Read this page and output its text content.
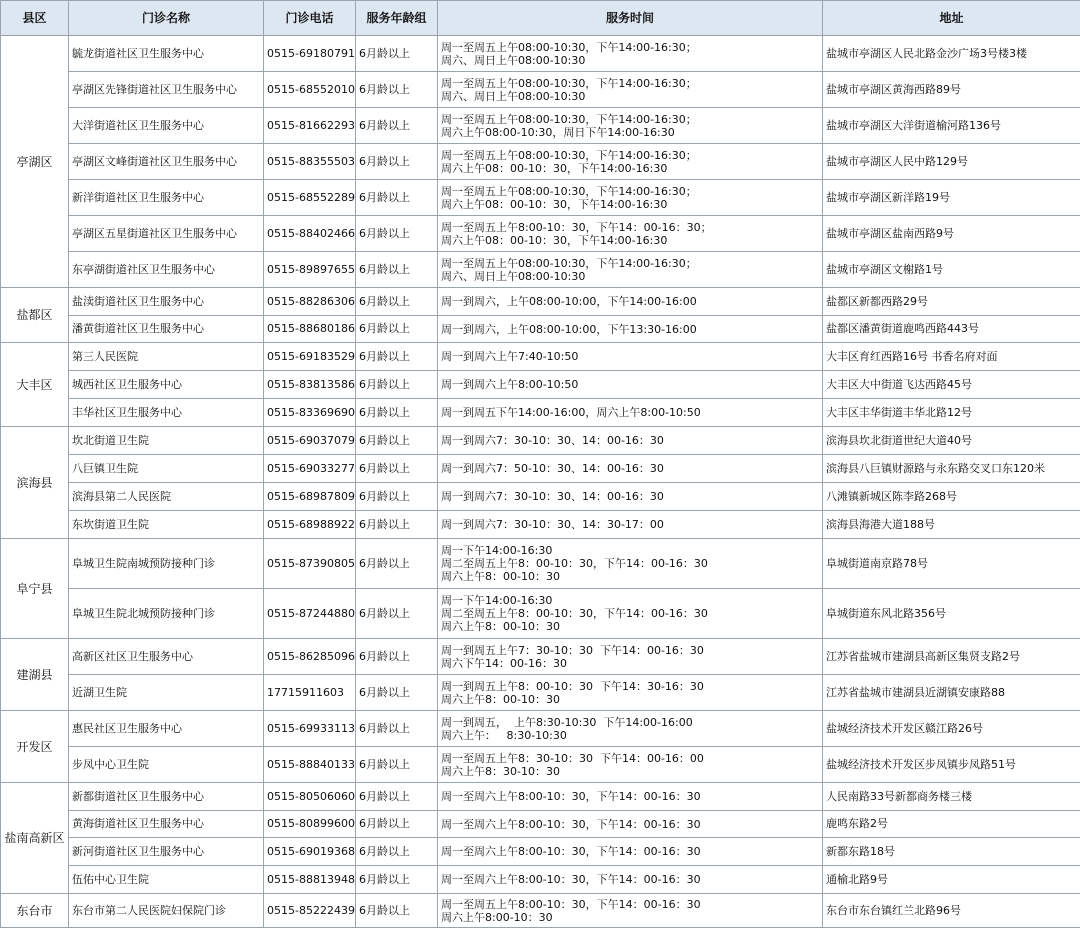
县区	门诊名称	门诊电话	服务年龄组	服务时间	地址
亭湖区	毓龙街道社区卫生服务中心	0515-69180791	6月龄以上	周一至周五上午08:00-10:30，下午14:00-16:30；
周六、周日上午08:00-10:30	盐城市亭湖区人民北路金沙广场3号楼3楼
	亭湖区先锋街道社区卫生服务中心	0515-68552010	6月龄以上	周一至周五上午08:00-10:30，下午14:00-16:30；
周六、周日上午08:00-10:30	盐城市亭湖区黄海西路89号
	大洋街道社区卫生服务中心	0515-81662293	6月龄以上	周一至周五上午08:00-10:30，下午14:00-16:30；
周六上午08:00-10:30，周日下午14:00-16:30	盐城市亭湖区大洋街道榆河路136号
	亭湖区文峰街道社区卫生服务中心	0515-88355503	6月龄以上	周一至周五上午08:00-10:30，下午14:00-16:30；
周六上午08：00-10：30，下午14:00-16:30	盐城市亭湖区人民中路129号
	新洋街道社区卫生服务中心	0515-68552289	6月龄以上	周一至周五上午08:00-10:30，下午14:00-16:30；
周六上午08：00-10：30，下午14:00-16:30	盐城市亭湖区新洋路19号
	亭湖区五星街道社区卫生服务中心	0515-88402466	6月龄以上	周一至周五上午8:00-10：30，下午14：00-16：30；
周六上午08：00-10：30，下午14:00-16:30	盐城市亭湖区盐南西路9号
	东亭湖街道社区卫生服务中心	0515-89897655	6月龄以上	周一至周五上午08:00-10:30，下午14:00-16:30；
周六、周日上午08:00-10:30	盐城市亭湖区文榭路1号
盐都区	盐渎街道社区卫生服务中心	0515-88286306	6月龄以上	周一到周六，上午08:00-10:00，下午14:00-16:00	盐都区新都西路29号
	潘黄街道社区卫生服务中心	0515-88680186	6月龄以上	周一到周六，上午08:00-10:00，下午13:30-16:00	盐都区潘黄街道鹿鸣西路443号
大丰区	第三人民医院	0515-69183529	6月龄以上	周一到周六上午7:40-10:50	大丰区育红西路16号 书香名府对面
	城西社区卫生服务中心	0515-83813586	6月龄以上	周一到周六上午8:00-10:50	大丰区大中街道飞达西路45号
	丰华社区卫生服务中心	0515-83369690	6月龄以上	周一到周五下午14:00-16:00，周六上午8:00-10:50	大丰区丰华街道丰华北路12号
滨海县	坎北街道卫生院	0515-69037079	6月龄以上	周一到周六7：30-10：30、14：00-16：30	滨海县坎北街道世纪大道40号
	八巨镇卫生院	0515-69033277	6月龄以上	周一到周六7：50-10：30、14：00-16：30	滨海县八巨镇财源路与永东路交叉口东120米
	滨海县第二人民医院	0515-68987809	6月龄以上	周一到周六7：30-10：30、14：00-16：30	八滩镇新城区陈李路268号
	东坎街道卫生院	0515-68988922	6月龄以上	周一到周六7：30-10：30、14：30-17：00	滨海县海港大道188号
阜宁县	阜城卫生院南城预防接种门诊	0515-87390805	6月龄以上	周一下午14:00-16:30
周二至周五上午8：00-10：30，下午14：00-16：30
周六上午8：00-10：30	阜城街道南京路78号
	阜城卫生院北城预防接种门诊	0515-87244880	6月龄以上	周一下午14:00-16:30
周二至周五上午8：00-10：30，下午14：00-16：30
周六上午8：00-10：30	阜城街道东风北路356号
建湖县	高新区社区卫生服务中心	0515-86285096	6月龄以上	周一到周五上午7：30-10：30  下午14：00-16：30
周六下午14：00-16：30	江苏省盐城市建湖县高新区集贤支路2号
	近湖卫生院	17715911603	6月龄以上	周一到周五上午8：00-10：30  下午14：30-16：30
周六上午8：00-10：30	江苏省盐城市建湖县近湖镇安康路88
开发区	惠民社区卫生服务中心	0515-69933113	6月龄以上	周一到周五，  上午8:30-10:30  下午14:00-16:00
周六上午：   8:30-10:30	盐城经济技术开发区赣江路26号
	步凤中心卫生院	0515-88840133	6月龄以上	周一至周五上午8：30-10：30  下午14：00-16：00
周六上午8：30-10：30	盐城经济技术开发区步凤镇步凤路51号
盐南高新区	新都街道社区卫生服务中心	0515-80506060	6月龄以上	周一至周六上午8:00-10：30，下午14：00-16：30	人民南路33号新都商务楼三楼
	黄海街道社区卫生服务中心	0515-80899600	6月龄以上	周一至周六上午8:00-10：30，下午14：00-16：30	鹿鸣东路2号
	新河街道社区卫生服务中心	0515-69019368	6月龄以上	周一至周六上午8:00-10：30，下午14：00-16：30	新都东路18号
	伍佑中心卫生院	0515-88813948	6月龄以上	周一至周六上午8:00-10：30，下午14：00-16：30	通榆北路9号
东台市	东台市第二人民医院妇保院门诊	0515-85222439	6月龄以上	周一至周五上午8:00-10：30，下午14：00-16：30
周六上午8:00-10：30	东台市东台镇红兰北路96号
